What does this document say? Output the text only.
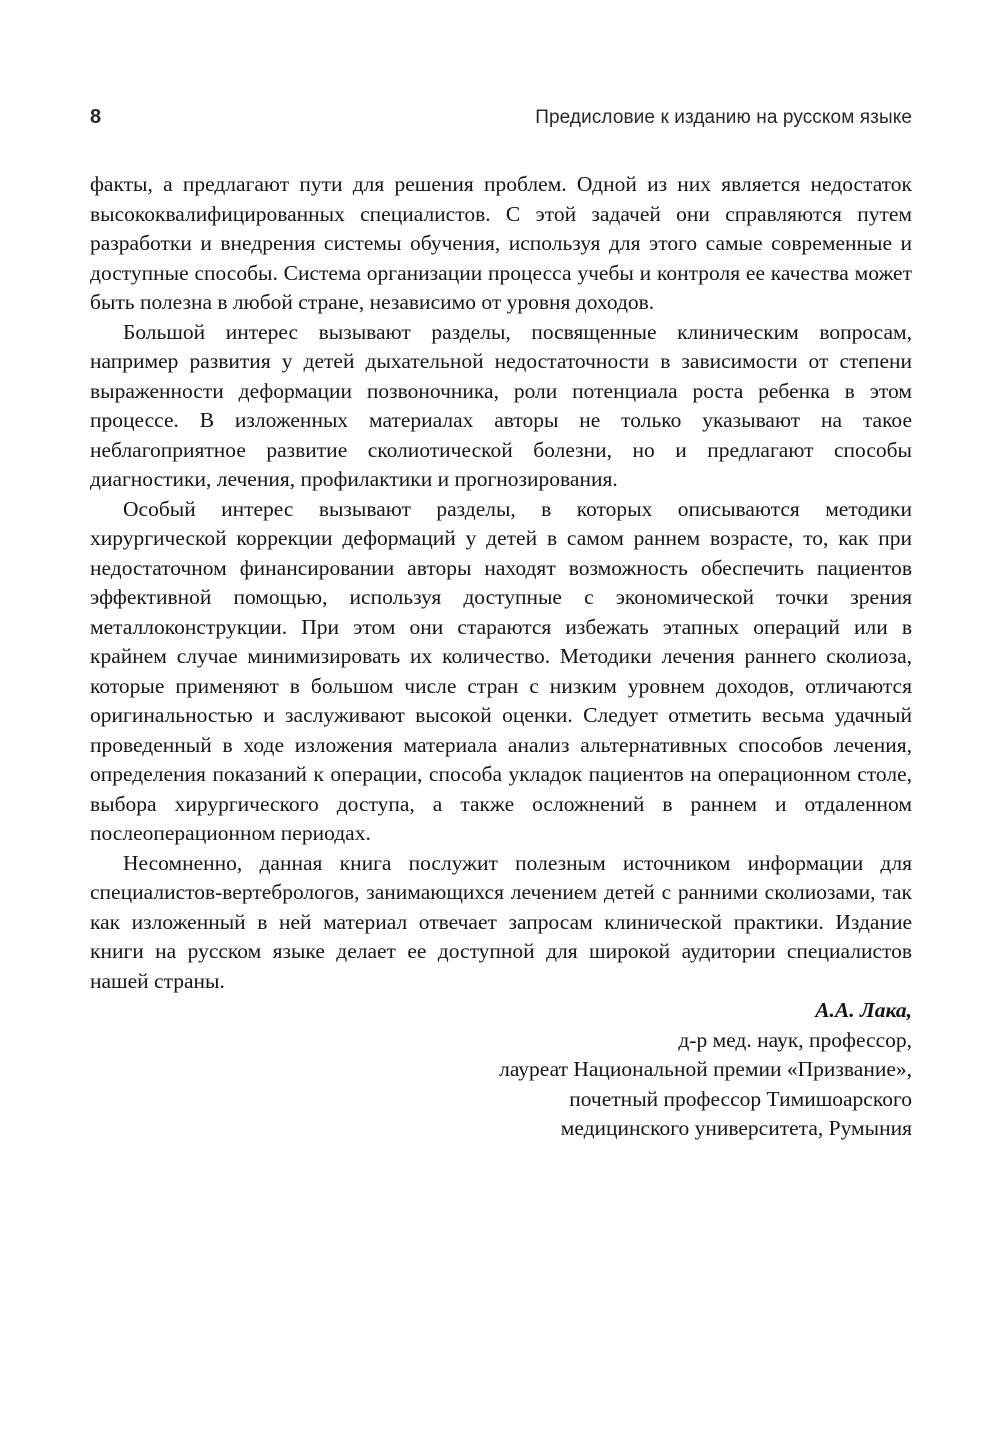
8	Предисловие к изданию на русском языке

факты, а предлагают пути для решения проблем. Одной из них является недостаток высококвалифицированных специалистов. С этой задачей они справляются путем разработки и внедрения системы обучения, используя для этого самые современные и доступные способы. Система организации процесса учебы и контроля ее качества может быть полезна в любой стране, независимо от уровня доходов.

Большой интерес вызывают разделы, посвященные клиническим вопросам, например развития у детей дыхательной недостаточности в зависимости от степени выраженности деформации позвоночника, роли потенциала роста ребенка в этом процессе. В изложенных материалах авторы не только указывают на такое неблагоприятное развитие сколиотической болезни, но и предлагают способы диагностики, лечения, профилактики и прогнозирования.

Особый интерес вызывают разделы, в которых описываются методики хирургической коррекции деформаций у детей в самом раннем возрасте, то, как при недостаточном финансировании авторы находят возможность обеспечить пациентов эффективной помощью, используя доступные с экономической точки зрения металлоконструкции. При этом они стараются избежать этапных операций или в крайнем случае минимизировать их количество. Методики лечения раннего сколиоза, которые применяют в большом числе стран с низким уровнем доходов, отличаются оригинальностью и заслуживают высокой оценки. Следует отметить весьма удачный проведенный в ходе изложения материала анализ альтернативных способов лечения, определения показаний к операции, способа укладок пациентов на операционном столе, выбора хирургического доступа, а также осложнений в раннем и отдаленном послеоперационном периодах.

Несомненно, данная книга послужит полезным источником информации для специалистов-вертебрологов, занимающихся лечением детей с ранними сколиозами, так как изложенный в ней материал отвечает запросам клинической практики. Издание книги на русском языке делает ее доступной для широкой аудитории специалистов нашей страны.

А.А. Лака,
д-р мед. наук, профессор,
лауреат Национальной премии «Призвание»,
почетный профессор Тимишоарского
медицинского университета, Румыния
